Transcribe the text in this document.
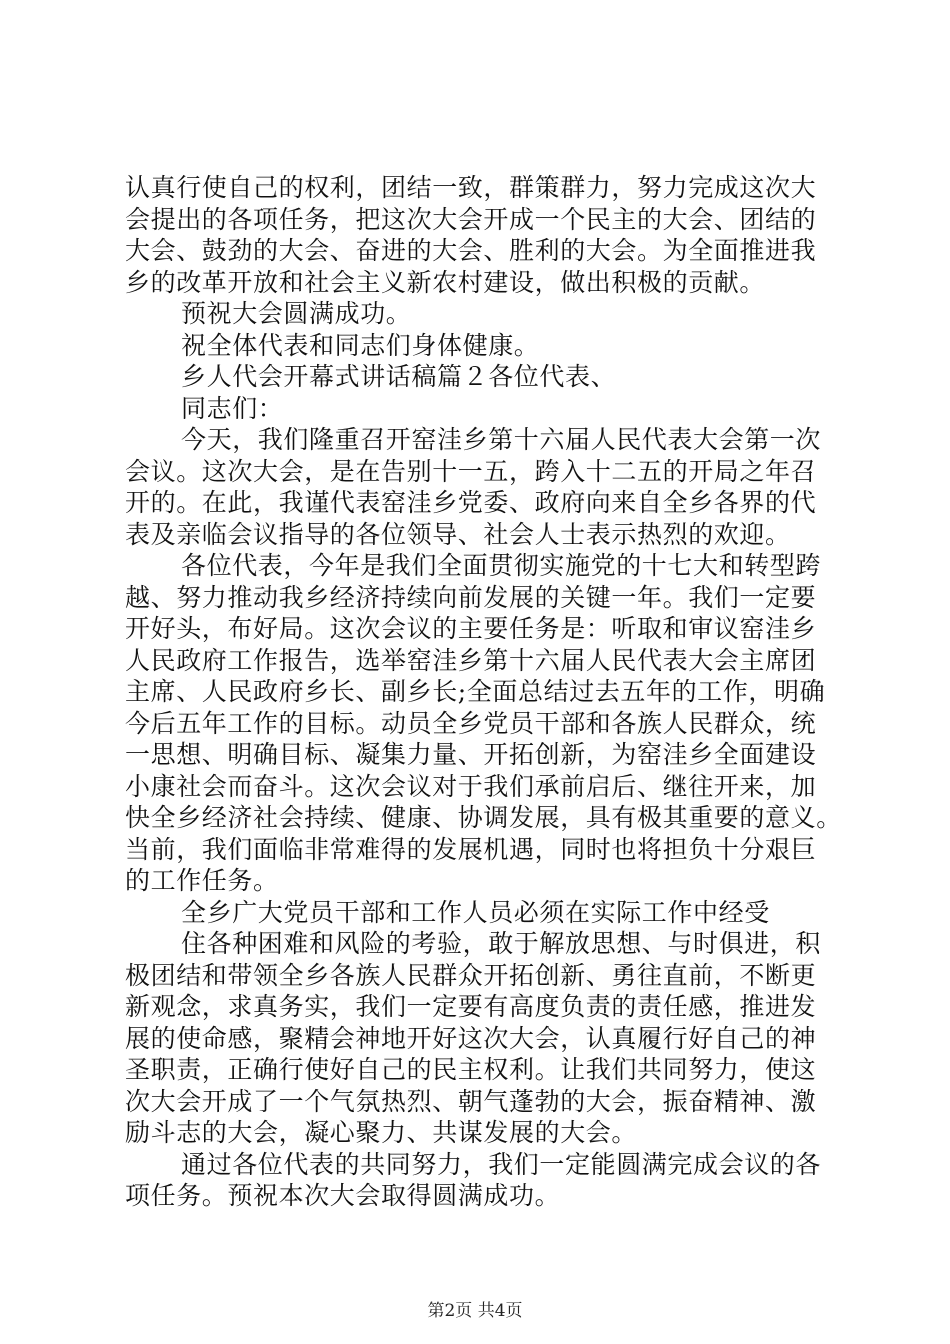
认真行使自己的权利，团结一致，群策群力，努力完成这次大
会提出的各项任务，把这次大会开成一个民主的大会、团结的
大会、鼓劲的大会、奋进的大会、胜利的大会。为全面推进我
乡的改革开放和社会主义新农村建设，做出积极的贡献。
预祝大会圆满成功。
祝全体代表和同志们身体健康。
乡人代会开幕式讲话稿篇２各位代表、
同志们：
今天，我们隆重召开窑洼乡第十六届人民代表大会第一次
会议。这次大会，是在告别十一五，跨入十二五的开局之年召
开的。在此，我谨代表窑洼乡党委、政府向来自全乡各界的代
表及亲临会议指导的各位领导、社会人士表示热烈的欢迎。
各位代表，今年是我们全面贯彻实施党的十七大和转型跨
越、努力推动我乡经济持续向前发展的关键一年。我们一定要
开好头，布好局。这次会议的主要任务是：听取和审议窑洼乡
人民政府工作报告，选举窑洼乡第十六届人民代表大会主席团
主席、人民政府乡长、副乡长;全面总结过去五年的工作，明确
今后五年工作的目标。动员全乡党员干部和各族人民群众，统
一思想、明确目标、凝集力量、开拓创新，为窑洼乡全面建设
小康社会而奋斗。这次会议对于我们承前启后、继往开来，加
快全乡经济社会持续、健康、协调发展，具有极其重要的意义。
当前，我们面临非常难得的发展机遇，同时也将担负十分艰巨
的工作任务。
全乡广大党员干部和工作人员必须在实际工作中经受
住各种困难和风险的考验，敢于解放思想、与时俱进，积
极团结和带领全乡各族人民群众开拓创新、勇往直前，不断更
新观念，求真务实，我们一定要有高度负责的责任感，推进发
展的使命感，聚精会神地开好这次大会，认真履行好自己的神
圣职责，正确行使好自己的民主权利。让我们共同努力，使这
次大会开成了一个气氛热烈、朝气蓬勃的大会，振奋精神、激
励斗志的大会，凝心聚力、共谋发展的大会。
通过各位代表的共同努力，我们一定能圆满完成会议的各
项任务。预祝本次大会取得圆满成功。
第2页 共4页
